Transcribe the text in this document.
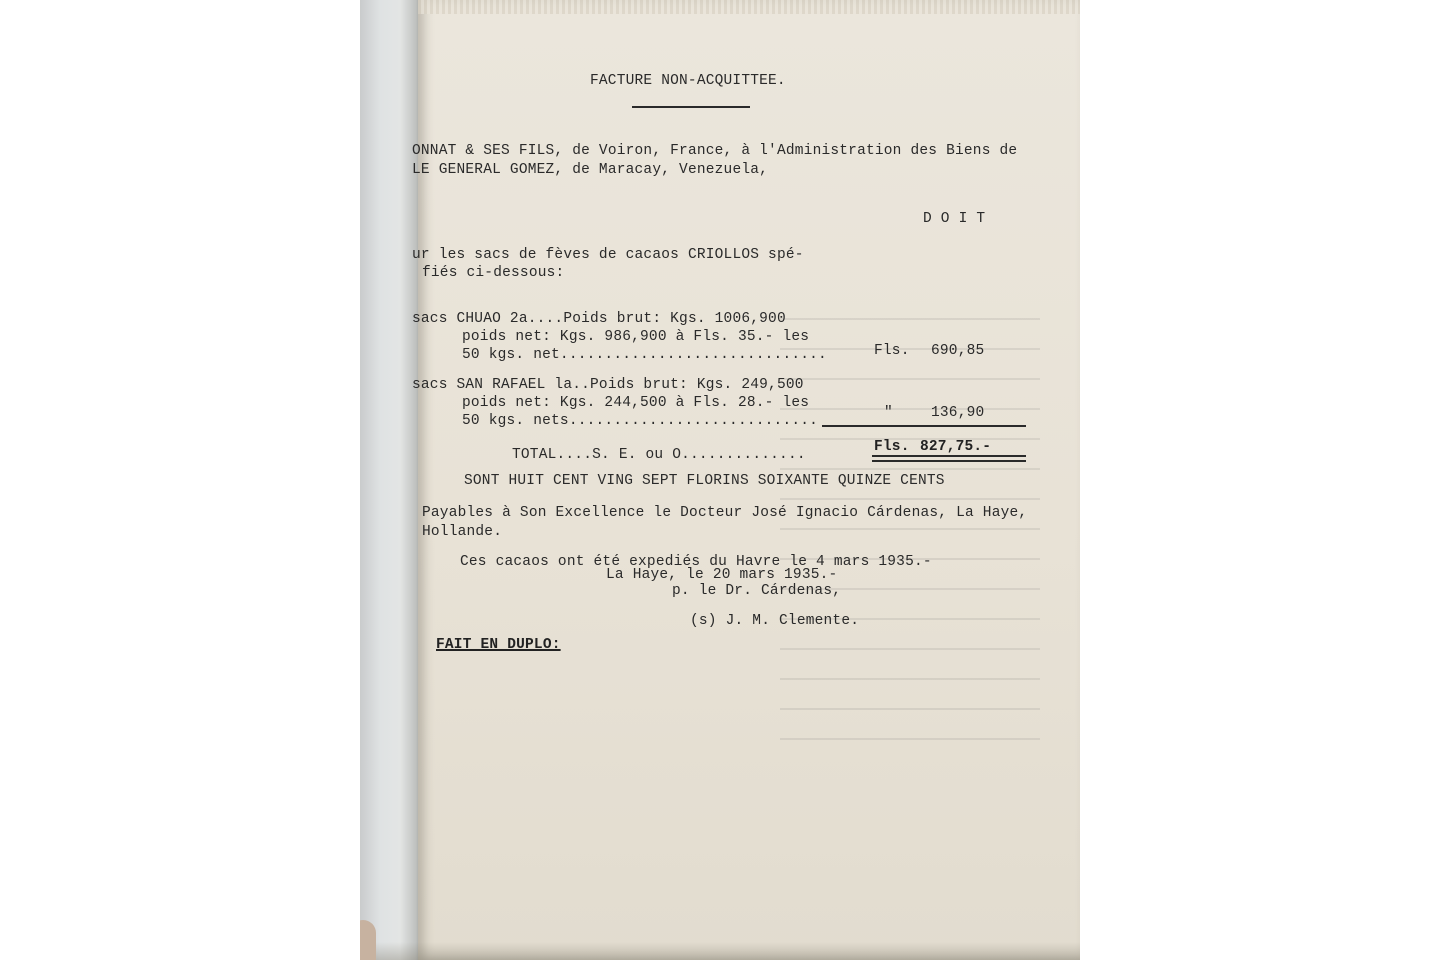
FACTURE NON-ACQUITTEE.

ONNAT & SES FILS, de Voiron, France, à l'Administration des Biens de

LE GENERAL GOMEZ, de Maracay, Venezuela,

D O I T

ur les sacs de fèves de cacaos CRIOLLOS spé-

fiés ci-dessous:

sacs CHUAO 2a....Poids brut: Kgs. 1006,900

poids net: Kgs. 986,900 à Fls. 35.- les

50 kgs. net..............................	Fls. 690,85

sacs SAN RAFAEL la..Poids brut: Kgs. 249,500

poids net: Kgs. 244,500 à Fls. 28.- les

50 kgs. nets............................	"	136,90

TOTAL....S. E. ou O..............	Fls. 827,75.-

SONT HUIT CENT VING SEPT FLORINS SOIXANTE QUINZE CENTS

Payables à Son Excellence le Docteur José Ignacio Cárdenas, La Haye,

Hollande.

Ces cacaos ont été expediés du Havre le 4 mars 1935.-

La Haye, le 20 mars 1935.-

p. le Dr. Cárdenas,

(s) J. M. Clemente.

FAIT EN DUPLO:
